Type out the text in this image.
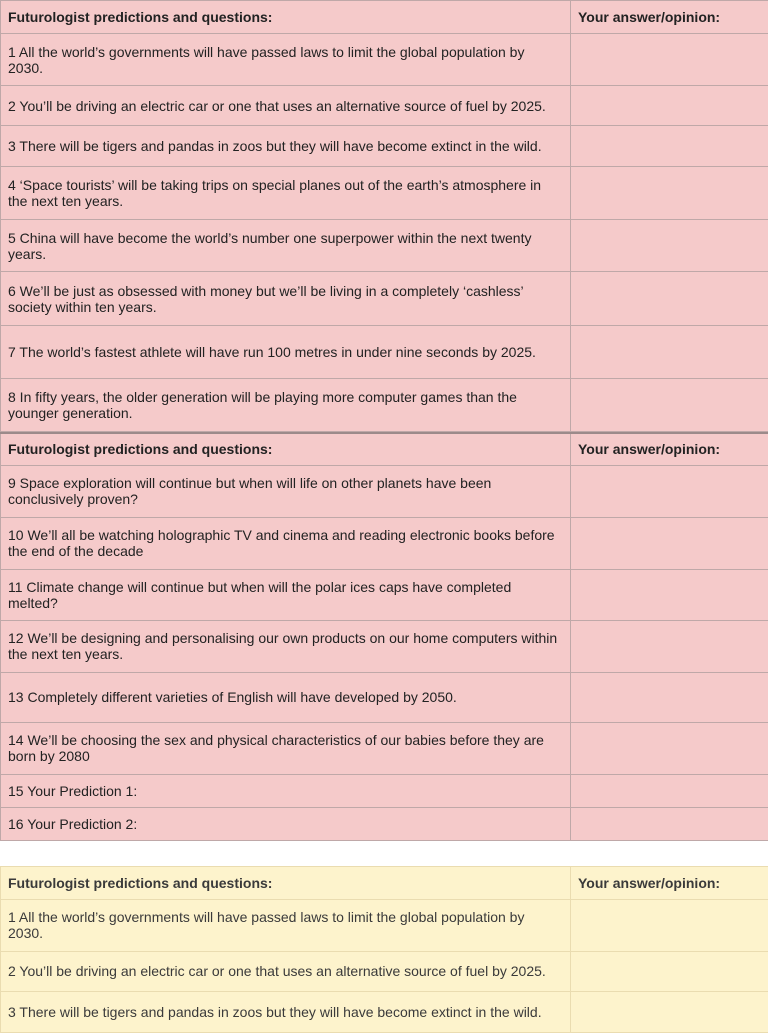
Futurologist predictions and questions:	Your answer/opinion:
1 All the world’s governments will have passed laws to limit the global population by 2030.	
2 You’ll be driving an electric car or one that uses an alternative source of fuel by 2025.	
3 There will be tigers and pandas in zoos but they will have become extinct in the wild.	
4 ‘Space tourists’ will be taking trips on special planes out of the earth’s atmosphere in the next ten years.	
5 China will have become the world’s number one superpower within the next twenty years.	
6 We’ll be just as obsessed with money but we’ll be living in a completely ‘cashless’ society within ten years.	
7 The world’s fastest athlete will have run 100 metres in under nine seconds by 2025.	
8 In fifty years, the older generation will be playing more computer games than the younger generation.	
Futurologist predictions and questions:	Your answer/opinion:
9 Space exploration will continue but when will life on other planets have been conclusively proven?	
10 We’ll all be watching holographic TV and cinema and reading electronic books before the end of the decade	
11 Climate change will continue but when will the polar ices caps have completed melted?	
12 We’ll be designing and personalising our own products on our home computers within the next ten years.	
13 Completely different varieties of English will have developed by 2050.	
14 We’ll be choosing the sex and physical characteristics of our babies before they are born by 2080	
15 Your Prediction 1:	
16 Your Prediction 2:	
Futurologist predictions and questions:	Your answer/opinion:
1 All the world’s governments will have passed laws to limit the global population by 2030.	
2 You’ll be driving an electric car or one that uses an alternative source of fuel by 2025.	
3 There will be tigers and pandas in zoos but they will have become extinct in the wild.	
